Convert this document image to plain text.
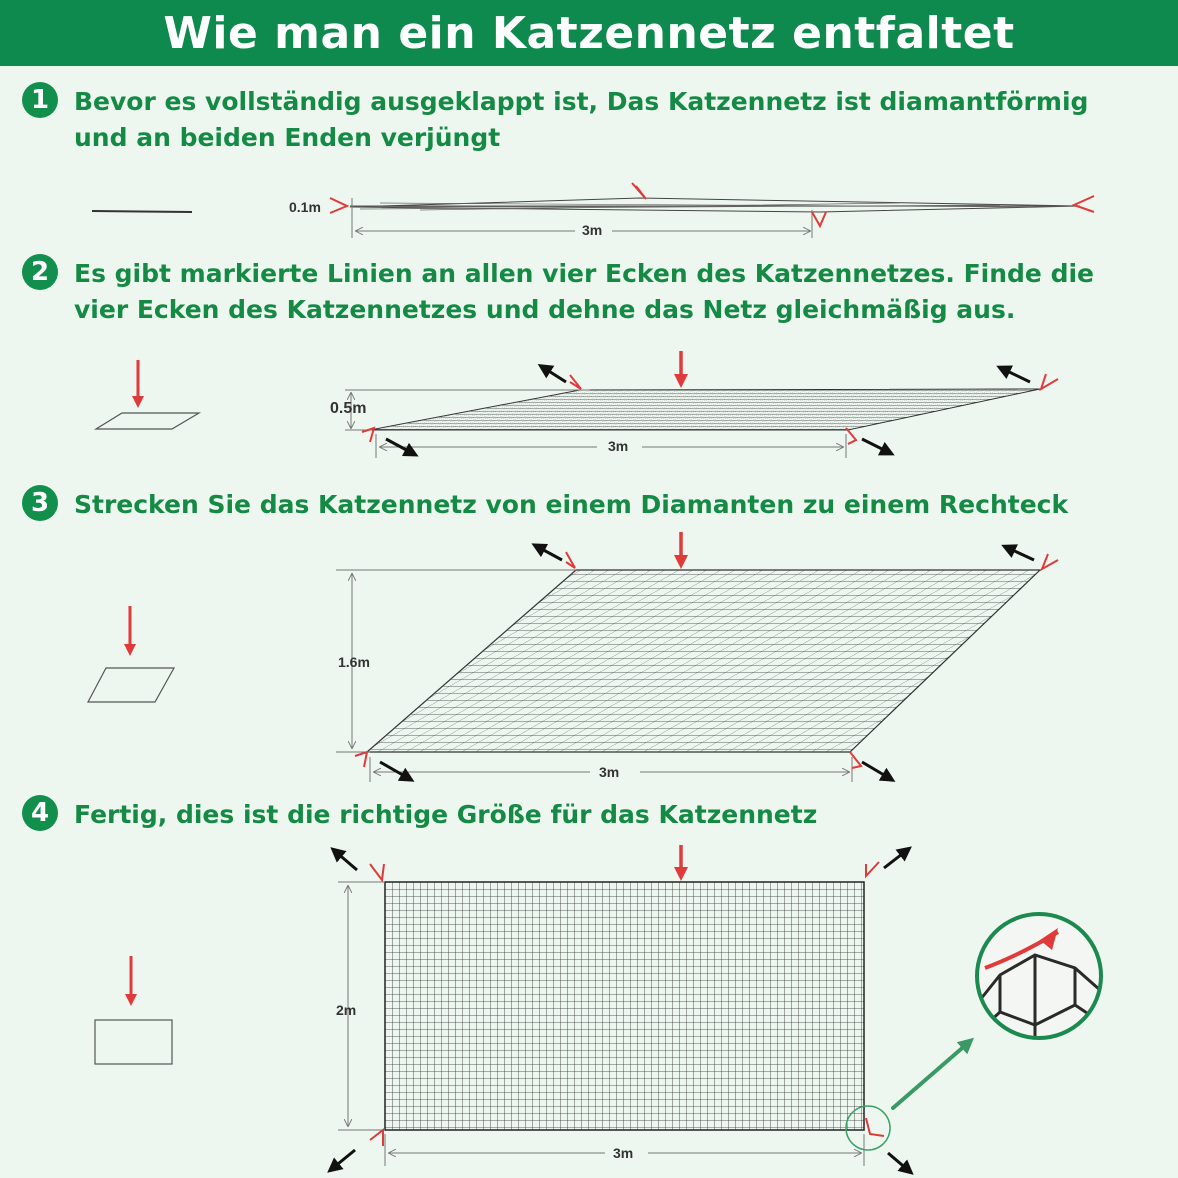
Wie man ein Katzennetz entfaltet
1 Bevor es vollständig ausgeklappt ist, Das Katzennetz ist diamantförmig
und an beiden Enden verjüngt
2 Es gibt markierte Linien an allen vier Ecken des Katzennetzes. Finde die
vier Ecken des Katzennetzes und dehne das Netz gleichmäßig aus.
3 Strecken Sie das Katzennetz von einem Diamanten zu einem Rechteck
4 Fertig, dies ist die richtige Größe für das Katzennetz
0.1m
3m
0.5m
3m
1.6m
3m
2m
3m
